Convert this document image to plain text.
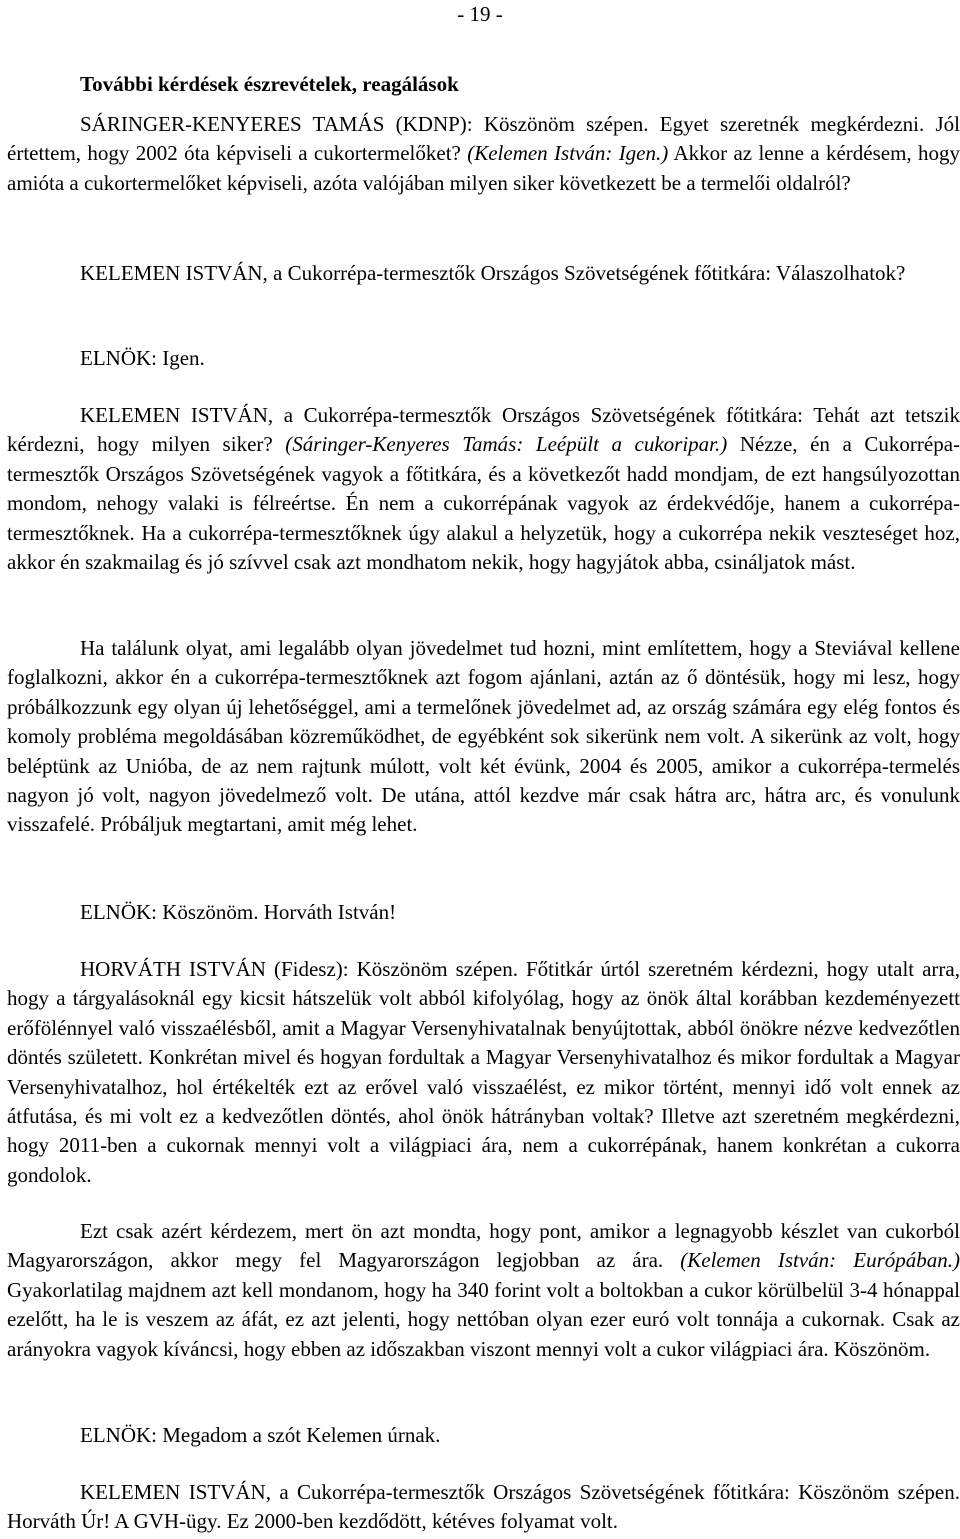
- 19 -
További kérdések észrevételek, reagálások
SÁRINGER-KENYERES TAMÁS (KDNP): Köszönöm szépen. Egyet szeretnék megkérdezni. Jól értettem, hogy 2002 óta képviseli a cukortermelőket? (Kelemen István: Igen.) Akkor az lenne a kérdésem, hogy amióta a cukortermelőket képviseli, azóta valójában milyen siker következett be a termelői oldalról?
KELEMEN ISTVÁN, a Cukorrépa-termesztők Országos Szövetségének főtitkára: Válaszolhatok?
ELNÖK: Igen.
KELEMEN ISTVÁN, a Cukorrépa-termesztők Országos Szövetségének főtitkára: Tehát azt tetszik kérdezni, hogy milyen siker? (Sáringer-Kenyeres Tamás: Leépült a cukoripar.) Nézze, én a Cukorrépa-termesztők Országos Szövetségének vagyok a főtitkára, és a következőt hadd mondjam, de ezt hangsúlyozottan mondom, nehogy valaki is félreértse. Én nem a cukorrépának vagyok az érdekvédője, hanem a cukorrépa-termesztőknek. Ha a cukorrépa-termesztőknek úgy alakul a helyzetük, hogy a cukorrépa nekik veszteséget hoz, akkor én szakmailag és jó szívvel csak azt mondhatom nekik, hogy hagyjátok abba, csináljatok mást.
Ha találunk olyat, ami legalább olyan jövedelmet tud hozni, mint említettem, hogy a Steviával kellene foglalkozni, akkor én a cukorrépa-termesztőknek azt fogom ajánlani, aztán az ő döntésük, hogy mi lesz, hogy próbálkozzunk egy olyan új lehetőséggel, ami a termelőnek jövedelmet ad, az ország számára egy elég fontos és komoly probléma megoldásában közreműködhet, de egyébként sok sikerünk nem volt. A sikerünk az volt, hogy beléptünk az Unióba, de az nem rajtunk múlott, volt két évünk, 2004 és 2005, amikor a cukorrépa-termelés nagyon jó volt, nagyon jövedelmező volt. De utána, attól kezdve már csak hátra arc, hátra arc, és vonulunk visszafelé. Próbáljuk megtartani, amit még lehet.
ELNÖK: Köszönöm. Horváth István!
HORVÁTH ISTVÁN (Fidesz): Köszönöm szépen. Főtitkár úrtól szeretném kérdezni, hogy utalt arra, hogy a tárgyalásoknál egy kicsit hátszelük volt abból kifolyólag, hogy az önök által korábban kezdeményezett erőfölénnyel való visszaélésből, amit a Magyar Versenyhivatalnak benyújtottak, abból önökre nézve kedvezőtlen döntés született. Konkrétan mivel és hogyan fordultak a Magyar Versenyhivatalhoz és mikor fordultak a Magyar Versenyhivatalhoz, hol értékelték ezt az erővel való visszaélést, ez mikor történt, mennyi idő volt ennek az átfutása, és mi volt ez a kedvezőtlen döntés, ahol önök hátrányban voltak? Illetve azt szeretném megkérdezni, hogy 2011-ben a cukornak mennyi volt a világpiaci ára, nem a cukorrépának, hanem konkrétan a cukorra gondolok.
Ezt csak azért kérdezem, mert ön azt mondta, hogy pont, amikor a legnagyobb készlet van cukorból Magyarországon, akkor megy fel Magyarországon legjobban az ára. (Kelemen István: Európában.) Gyakorlatilag majdnem azt kell mondanom, hogy ha 340 forint volt a boltokban a cukor körülbelül 3-4 hónappal ezelőtt, ha le is veszem az áfát, ez azt jelenti, hogy nettóban olyan ezer euró volt tonnája a cukornak. Csak az arányokra vagyok kíváncsi, hogy ebben az időszakban viszont mennyi volt a cukor világpiaci ára. Köszönöm.
ELNÖK: Megadom a szót Kelemen úrnak.
KELEMEN ISTVÁN, a Cukorrépa-termesztők Országos Szövetségének főtitkára: Köszönöm szépen. Horváth Úr! A GVH-ügy. Ez 2000-ben kezdődött, kétéves folyamat volt.
